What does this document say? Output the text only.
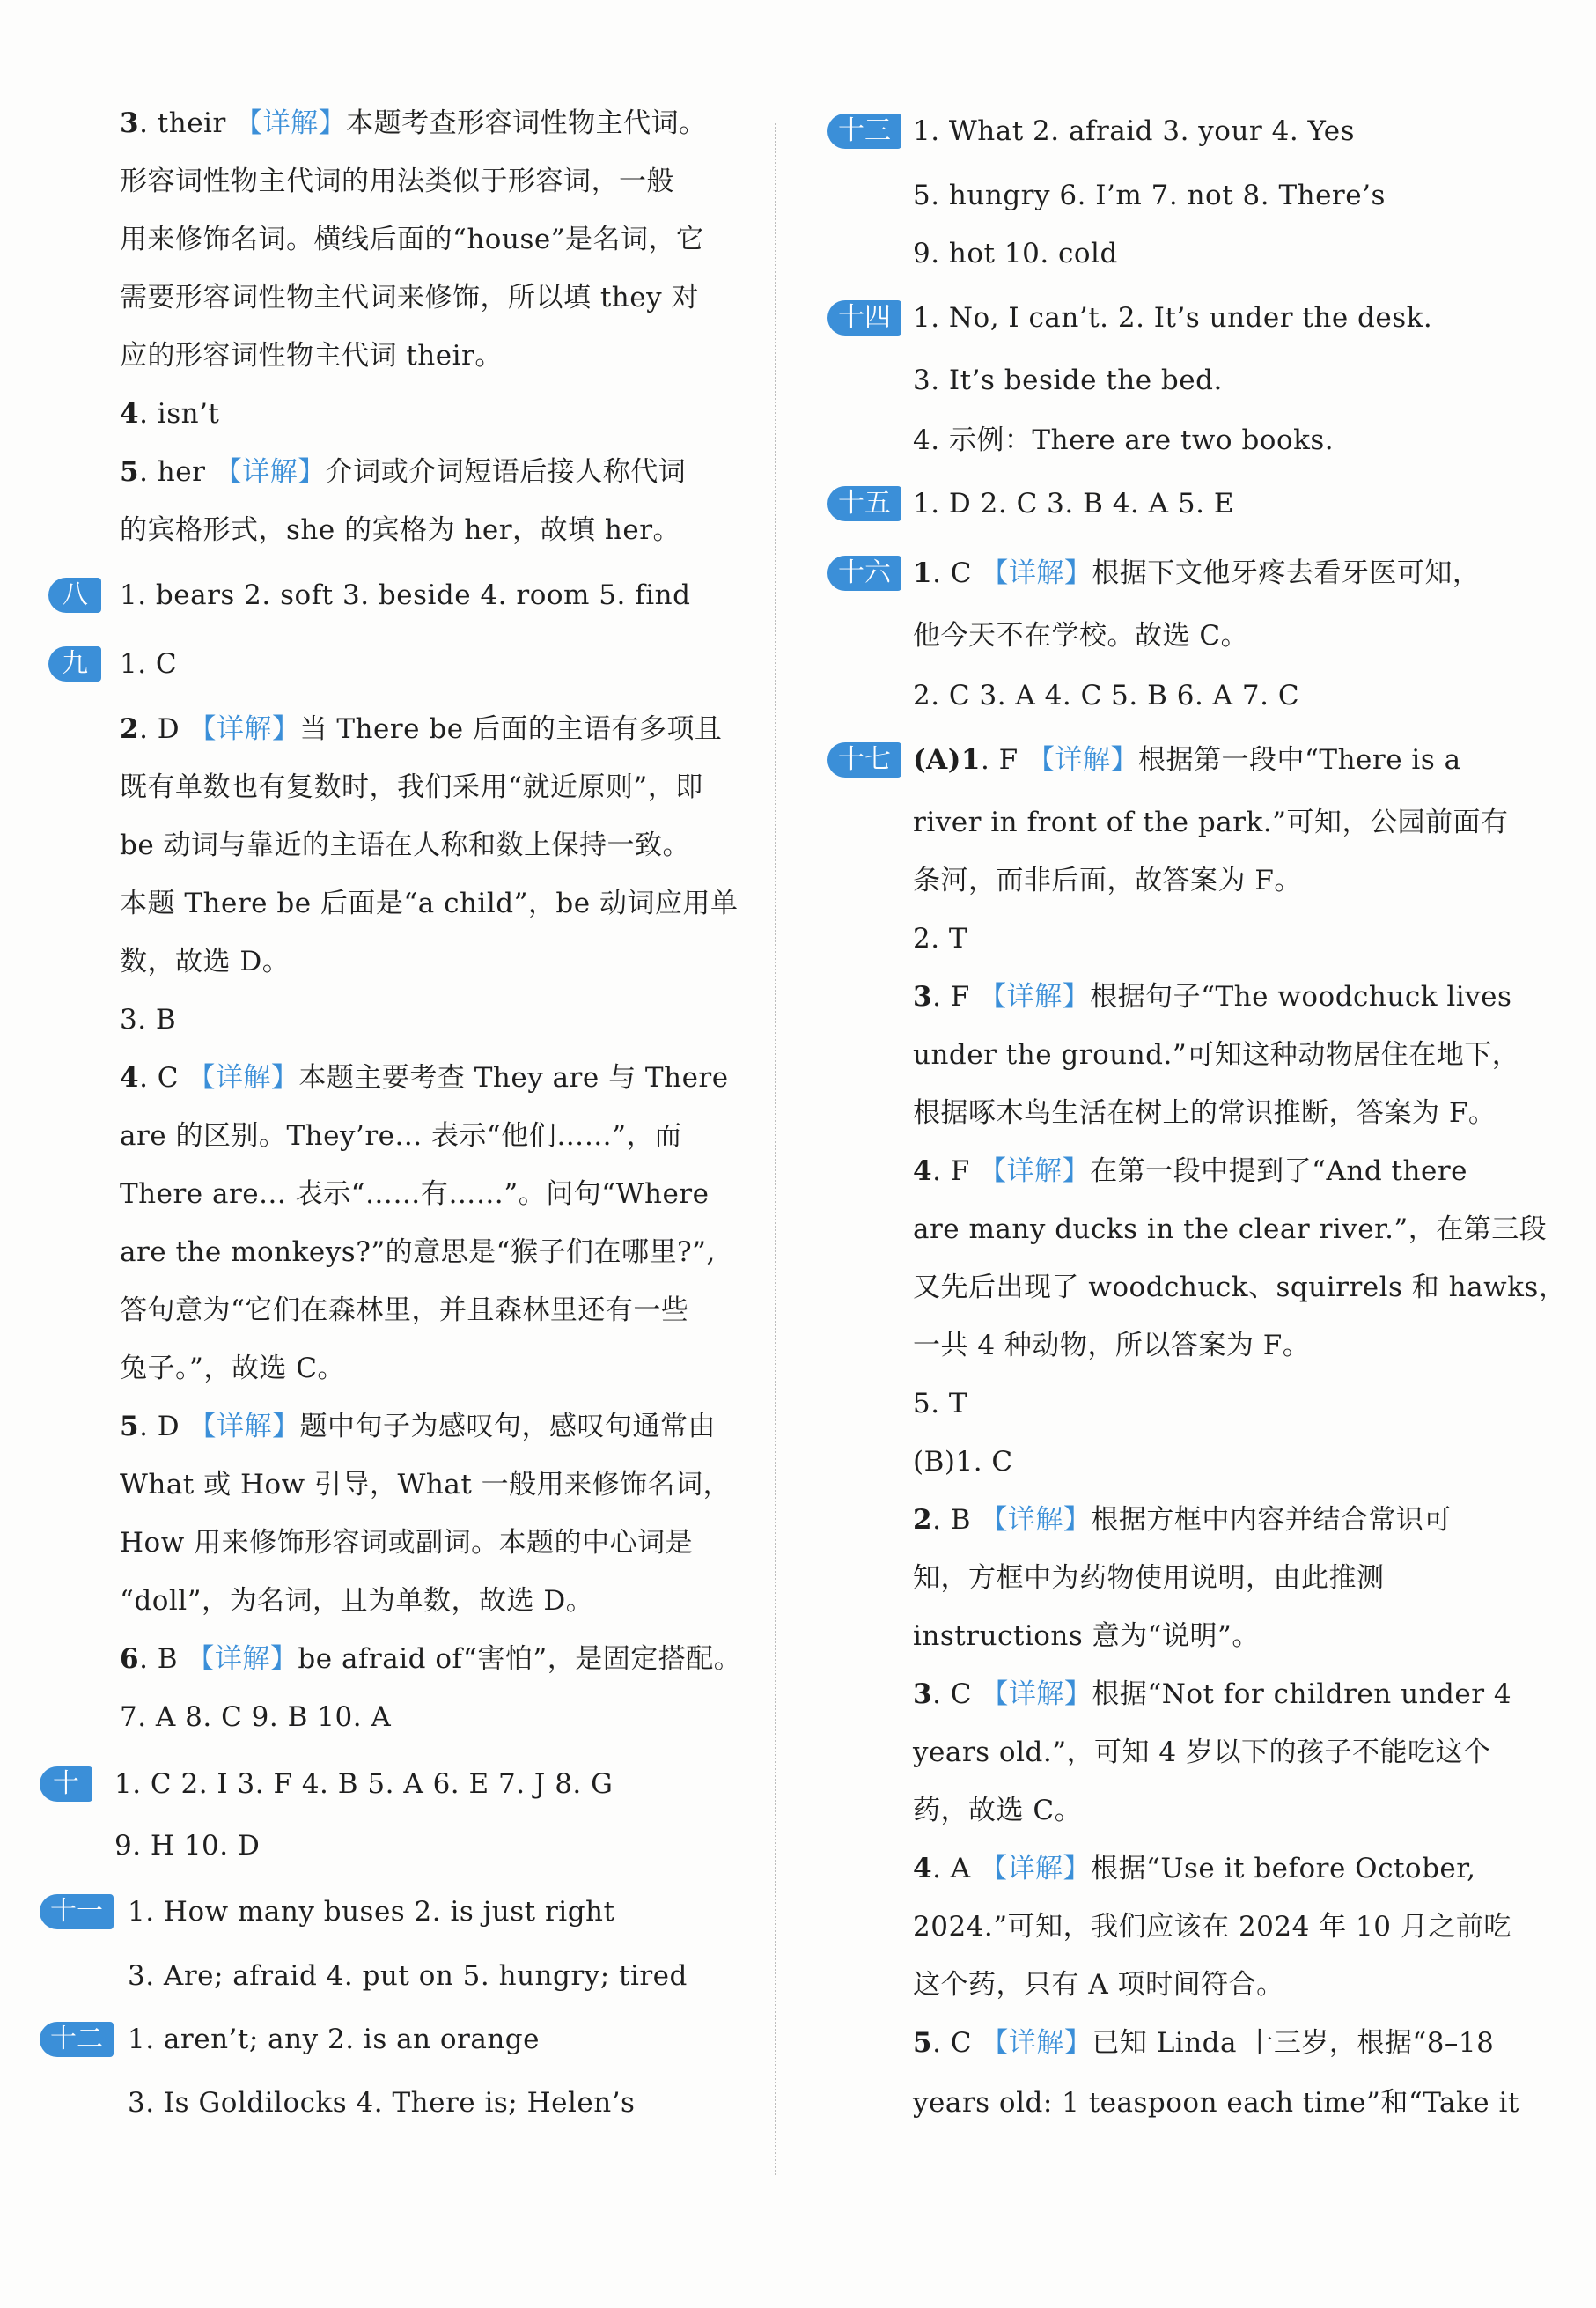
3. their 【详解】本题考查形容词性物主代词。
形容词性物主代词的用法类似于形容词，一般
用来修饰名词。横线后面的“house”是名词，它
需要形容词性物主代词来修饰，所以填 they 对
应的形容词性物主代词 their。
4. isn’t
5. her 【详解】介词或介词短语后接人称代词
的宾格形式，she 的宾格为 her，故填 her。
八	1. bears 2. soft 3. beside 4. room 5. find
九	1. C
2. D 【详解】当 There be 后面的主语有多项且
既有单数也有复数时，我们采用“就近原则”，即
be 动词与靠近的主语在人称和数上保持一致。
本题 There be 后面是“a child”，be 动词应用单
数，故选 D。
3. B
4. C 【详解】本题主要考查 They are 与 There
are 的区别。They’re... 表示“他们……”，而
There are... 表示“……有……”。问句“Where
are the monkeys?”的意思是“猴子们在哪里?”,
答句意为“它们在森林里，并且森林里还有一些
兔子。”，故选 C。
5. D 【详解】题中句子为感叹句，感叹句通常由
What 或 How 引导，What 一般用来修饰名词，
How 用来修饰形容词或副词。本题的中心词是
“doll”，为名词，且为单数，故选 D。
6. B 【详解】be afraid of“害怕”，是固定搭配。
7. A 8. C 9. B 10. A
十	1. C 2. I 3. F 4. B 5. A 6. E 7. J 8. G
9. H 10. D
十一 1. How many buses 2. is just right
3. Are; afraid 4. put on 5. hungry; tired
十二 1. aren’t; any 2. is an orange
3. Is Goldilocks 4. There is; Helen’s
十三 1. What 2. afraid 3. your 4. Yes
5. hungry 6. I’m 7. not 8. There’s
9. hot 10. cold
十四 1. No, I can’t. 2. It’s under the desk.
3. It’s beside the bed.
4. 示例：There are two books.
十五 1. D 2. C 3. B 4. A 5. E
十六 1. C 【详解】根据下文他牙疼去看牙医可知，
他今天不在学校。故选 C。
2. C 3. A 4. C 5. B 6. A 7. C
十七 (A)1. F 【详解】根据第一段中“There is a
river in front of the park.”可知，公园前面有
条河，而非后面，故答案为 F。
2. T
3. F 【详解】根据句子“The woodchuck lives
under the ground.”可知这种动物居住在地下，
根据啄木鸟生活在树上的常识推断，答案为 F。
4. F 【详解】在第一段中提到了“And there
are many ducks in the clear river.”，在第三段
又先后出现了 woodchuck、squirrels 和 hawks，
一共 4 种动物，所以答案为 F。
5. T
(B)1. C
2. B 【详解】根据方框中内容并结合常识可
知，方框中为药物使用说明，由此推测
instructions 意为“说明”。
3. C 【详解】根据“Not for children under 4
years old.”，可知 4 岁以下的孩子不能吃这个
药，故选 C。
4. A 【详解】根据“Use it before October,
2024.”可知，我们应该在 2024 年 10 月之前吃
这个药，只有 A 项时间符合。
5. C 【详解】已知 Linda 十三岁，根据“8–18
years old: 1 teaspoon each time”和“Take it
